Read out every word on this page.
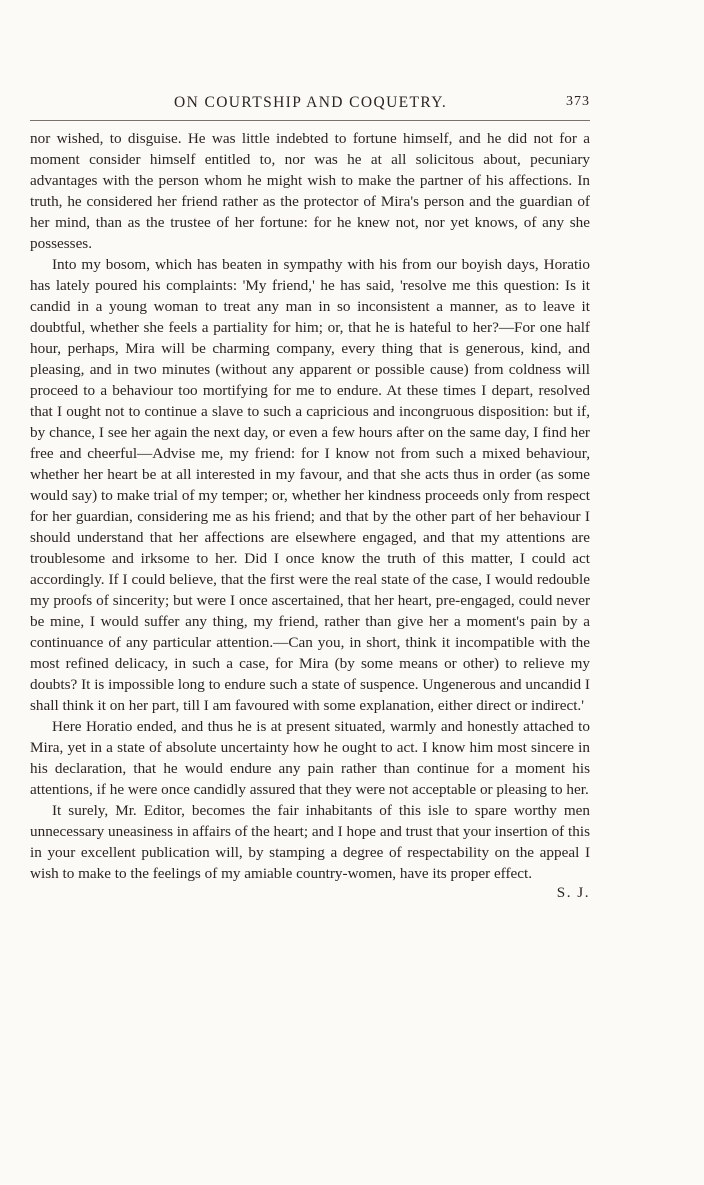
ON COURTSHIP AND COQUETRY.	373

nor wished, to disguise. He was little indebted to fortune himself, and he did not for a moment consider himself entitled to, nor was he at all solicitous about, pecuniary advantages with the person whom he might wish to make the partner of his affections. In truth, he considered her friend rather as the protector of Mira's person and the guardian of her mind, than as the trustee of her fortune: for he knew not, nor yet knows, of any she possesses.

Into my bosom, which has beaten in sympathy with his from our boyish days, Horatio has lately poured his complaints: 'My friend,' he has said, 'resolve me this question: Is it candid in a young woman to treat any man in so inconsistent a manner, as to leave it doubtful, whether she feels a partiality for him; or, that he is hateful to her?—For one half hour, perhaps, Mira will be charming company, every thing that is generous, kind, and pleasing, and in two minutes (without any apparent or possible cause) from coldness will proceed to a behaviour too mortifying for me to endure. At these times I depart, resolved that I ought not to continue a slave to such a capricious and incongruous disposition: but if, by chance, I see her again the next day, or even a few hours after on the same day, I find her free and cheerful—Advise me, my friend: for I know not from such a mixed behaviour, whether her heart be at all interested in my favour, and that she acts thus in order (as some would say) to make trial of my temper; or, whether her kindness proceeds only from respect for her guardian, considering me as his friend; and that by the other part of her behaviour I should understand that her affections are elsewhere engaged, and that my attentions are troublesome and irksome to her. Did I once know the truth of this matter, I could act accordingly. If I could believe, that the first were the real state of the case, I would redouble my proofs of sincerity; but were I once ascertained, that her heart, pre-engaged, could never be mine, I would suffer any thing, my friend, rather than give her a moment's pain by a continuance of any particular attention.—Can you, in short, think it incompatible with the most refined delicacy, in such a case, for Mira (by some means or other) to relieve my doubts? It is impossible long to endure such a state of suspence. Ungenerous and uncandid I shall think it on her part, till I am favoured with some explanation, either direct or indirect.'

Here Horatio ended, and thus he is at present situated, warmly and honestly attached to Mira, yet in a state of absolute uncertainty how he ought to act. I know him most sincere in his declaration, that he would endure any pain rather than continue for a moment his attentions, if he were once candidly assured that they were not acceptable or pleasing to her.

It surely, Mr. Editor, becomes the fair inhabitants of this isle to spare worthy men unnecessary uneasiness in affairs of the heart; and I hope and trust that your insertion of this in your excellent publication will, by stamping a degree of respectability on the appeal I wish to make to the feelings of my amiable country-women, have its proper effect.

S. J.
